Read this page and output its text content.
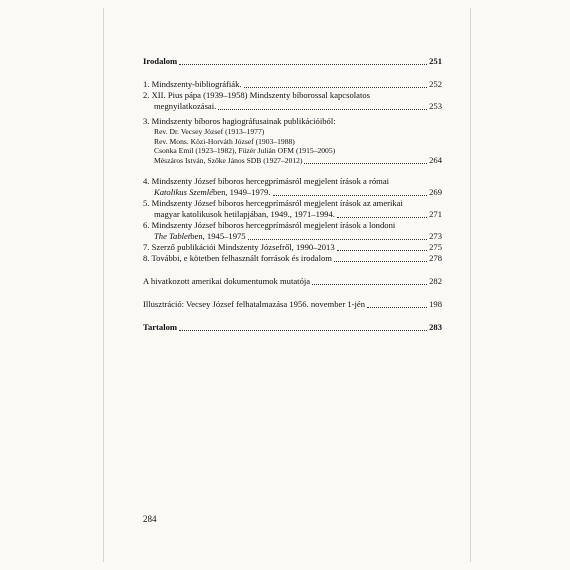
Irodalom	251
1. Mindszenty-bibliográfiák.	252
2. XII. Pius pápa (1939–1958) Mindszenty bíborossal kapcsolatos
megnyilatkozásai.	253
3. Mindszenty bíboros hagiográfusainak publikációiból:
Rev. Dr. Vecsey József (1913–1977)
Rev. Mons. Közi-Horváth József (1903–1988)
Csonka Emil (1923–1982), Füzér Julián OFM (1915–2005)
Mészáros István, Szőke János SDB (1927–2012)	264
4. Mindszenty József bíboros hercegprímásról megjelent írások a római
Katolikus Szemlében, 1949–1979.	269
5. Mindszenty József bíboros hercegprímásról megjelent írások az amerikai
magyar katolikusok hetilapjában, 1949., 1971–1994.	271
6. Mindszenty József bíboros hercegprímásról megjelent írások a londoni
The Tabletben, 1945–1975	273
7. Szerző publikációi Mindszenty Józsefről, 1990–2013	275
8. További, e kötetben felhasznált források és irodalom	278
A hivatkozott amerikai dokumentumok mutatója	282
Illusztráció: Vecsey József felhatalmazása 1956. november 1-jén	198
Tartalom	283
284
